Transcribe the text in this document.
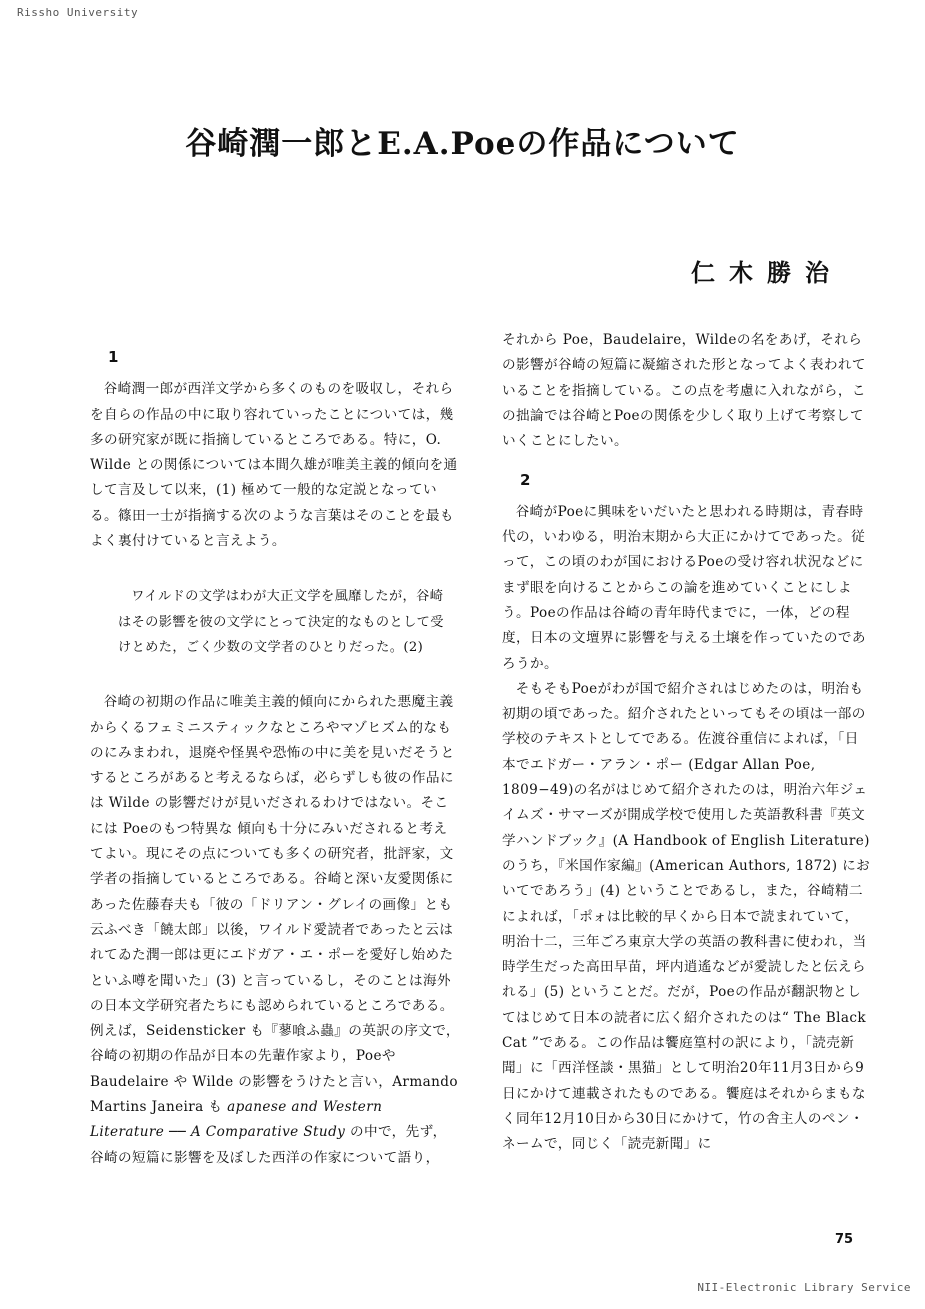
Rissho University
谷崎潤一郎とE.A.Poeの作品について
仁木勝治
1

谷崎潤一郎が西洋文学から多くのものを吸収し，それらを自らの作品の中に取り容れていったことについては，幾多の研究家が既に指摘しているところである。特に，O. Wilde との関係については本間久雄が唯美主義的傾向を通して言及して以来，(1) 極めて一般的な定説となっている。篠田一士が指摘する次のような言葉はそのことを最もよく裏付けていると言えよう。

ワイルドの文学はわが大正文学を風靡したが，谷崎はその影響を彼の文学にとって決定的なものとして受けとめた，ごく少数の文学者のひとりだった。(2)

谷崎の初期の作品に唯美主義的傾向にかられた悪魔主義からくるフェミニスティックなところやマゾヒズム的なものにみまわれ，退廃や怪異や恐怖の中に美を見いだそうとするところがあると考えるならば，必らずしも彼の作品には Wilde の影響だけが見いだされるわけではない。そこには Poeのもつ特異な 傾向も十分にみいだされると考えてよい。現にその点についても多くの研究者，批評家，文学者の指摘しているところである。谷崎と深い友愛関係にあった佐藤春夫も「彼の「ドリアン・グレイの画像」とも云ふべき「饒太郎」以後，ワイルド愛読者であったと云はれてゐた潤一郎は更にエドガア・エ・ポーを愛好し始めたといふ噂を聞いた」(3) と言っているし，そのことは海外の日本文学研究者たちにも認められているところである。例えば，Seidensticker も『蓼喰ふ蟲』の英訳の序文で，谷崎の初期の作品が日本の先輩作家より，Poeや Baudelaire や Wilde の影響をうけたと言い，Armando Martins Janeira も apanese and Western Literature ── A Comparative Study の中で，先ず，谷崎の短篇に影響を及ぼした西洋の作家について語り，

それから Poe，Baudelaire，Wildeの名をあげ，それらの影響が谷崎の短篇に凝縮された形となってよく表われていることを指摘している。この点を考慮に入れながら，この拙論では谷崎とPoeの関係を少しく取り上げて考察していくことにしたい。

2

谷崎がPoeに興味をいだいたと思われる時期は，青春時代の，いわゆる，明治末期から大正にかけてであった。従って，この頃のわが国におけるPoeの受け容れ状況などにまず眼を向けることからこの論を進めていくことにしよう。Poeの作品は谷崎の青年時代までに，一体，どの程度，日本の文壇界に影響を与える土壌を作っていたのであろうか。

そもそもPoeがわが国で紹介されはじめたのは，明治も初期の頃であった。紹介されたといってもその頃は一部の学校のテキストとしてである。佐渡谷重信によれば，「日本でエドガー・アラン・ポー (Edgar Allan Poe, 1809−49)の名がはじめて紹介されたのは，明治六年ジェイムズ・サマーズが開成学校で使用した英語教科書『英文学ハンドブック』(A Handbook of English Literature) のうち，『米国作家編』(American Authors, 1872) においてであろう」(4) ということであるし，また，谷崎精二によれば，「ポォは比較的早くから日本で読まれていて，明治十二，三年ごろ東京大学の英語の教科書に使われ，当時学生だった高田早苗，坪内逍遙などが愛読したと伝えられる」(5) ということだ。だが，Poeの作品が翻訳物としてはじめて日本の読者に広く紹介されたのは“ The Black Cat ”である。この作品は饗庭篁村の訳により，「読売新聞」に「西洋怪談・黒猫」として明治20年11月3日から9日にかけて連載されたものである。饗庭はそれからまもなく同年12月10日から30日にかけて，竹の舎主人のペン・ネームで，同じく「読売新聞」に

75
NII-Electronic Library Service
